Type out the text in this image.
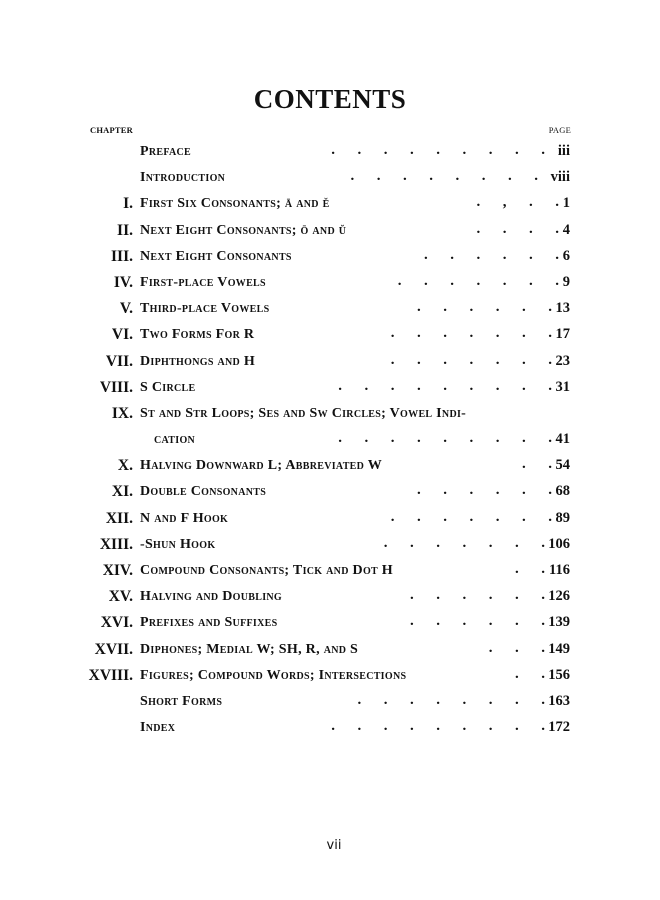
CONTENTS
CHAPTER	PAGE
Preface	.      .      .      .      .      .      .      .      . iii
Introduction	.      .      .      .      .      .      .      . viii
I. First Six Consonants; ā and ĕ	.      ,      .      . 1
II. Next Eight Consonants; ō and ŭ	.      .      .      . 4
III. Next Eight Consonants	.      .      .      .      .      . 6
IV. First-place Vowels	.      .      .      .      .      .      . 9
V. Third-place Vowels	.      .      .      .      .      . 13
VI. Two Forms For R	.      .      .      .      .      .      . 17
VII. Diphthongs and H	.      .      .      .      .      .      . 23
VIII. S Circle	.      .      .      .      .      .      .      .      . 31
IX. St and Str Loops; Ses and Sw Circles; Vowel Indi-
cation	.      .      .      .      .      .      .      .      . 41
X. Halving Downward L; Abbreviated W	.      . 54
XI. Double Consonants	.      .      .      .      .      . 68
XII. N and F Hook	.      .      .      .      .      .      . 89
XIII. -Shun Hook	.      .      .      .      .      .      . 106
XIV. Compound Consonants; Tick and Dot H	.      . 116
XV. Halving and Doubling	.      .      .      .      .      . 126
XVI. Prefixes and Suffixes	.      .      .      .      .      . 139
XVII. Diphones; Medial W; SH, R, and S	.      .      . 149
XVIII. Figures; Compound Words; Intersections	.      . 156
Short Forms	.      .      .      .      .      .      .      . 163
Index	.      .      .      .      .      .      .      .      . 172
vii
